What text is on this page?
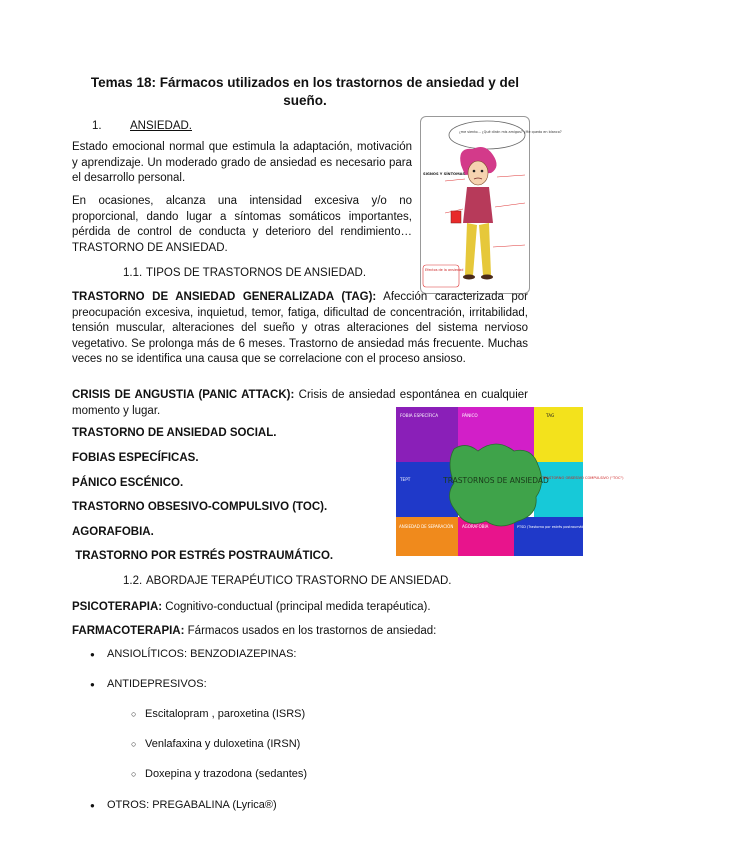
Temas 18: Fármacos utilizados en los trastornos de ansiedad y del sueño.
1. ANSIEDAD.
Estado emocional normal que estimula la adaptación, motivación y aprendizaje. Un moderado grado de ansiedad es necesario para el desarrollo personal.
En ocasiones, alcanza una intensidad excesiva y/o no proporcional, dando lugar a síntomas somáticos importantes, pérdida de control de conducta y deterioro del rendimiento… TRASTORNO DE ANSIEDAD.
¿me siento... ¿Qué dirán mis amigos? ¿Me quedo en blanco?
SIGNOS Y SÍNTOMAS
Efectos de la ansiedad
1.1. TIPOS DE TRASTORNOS DE ANSIEDAD.
TRASTORNO DE ANSIEDAD GENERALIZADA (TAG): Afección caracterizada por preocupación excesiva, inquietud, temor, fatiga, dificultad de concentración, irritabilidad, tensión muscular, alteraciones del sueño y otras alteraciones del sistema nervioso vegetativo. Se prolonga más de 6 meses. Trastorno de ansiedad más frecuente. Muchas veces no se identifica una causa que se correlacione con el proceso ansioso.
CRISIS DE ANGUSTIA (PANIC ATTACK): Crisis de ansiedad espontánea en cualquier momento y lugar.
TRASTORNO DE ANSIEDAD SOCIAL.
FOBIAS ESPECÍFICAS.
PÁNICO ESCÉNICO.
TRASTORNO OBSESIVO-COMPULSIVO (TOC).
AGORAFOBIA.
TRASTORNO POR ESTRÉS POSTRAUMÁTICO.
TRASTORNOS DE ANSIEDAD
FOBIA ESPECÍFICA	PÁNICO	TAG
TEPT	TRASTORNO OBSESIVO COMPULSIVO ("TOC")
ANSIEDAD DE SEPARACIÓN AGORAFOBIA	PTSD (Trastorno por estrés postraumático)
1.2. ABORDAJE TERAPÉUTICO TRASTORNO DE ANSIEDAD.
PSICOTERAPIA: Cognitivo-conductual (principal medida terapéutica).
FARMACOTERAPIA: Fármacos usados en los trastornos de ansiedad:
● ANSIOLÍTICOS: BENZODIAZEPINAS:
● ANTIDEPRESIVOS:
○ Escitalopram , paroxetina (ISRS)
○ Venlafaxina y duloxetina (IRSN)
○ Doxepina y trazodona (sedantes)
● OTROS: PREGABALINA (Lyrica®)
